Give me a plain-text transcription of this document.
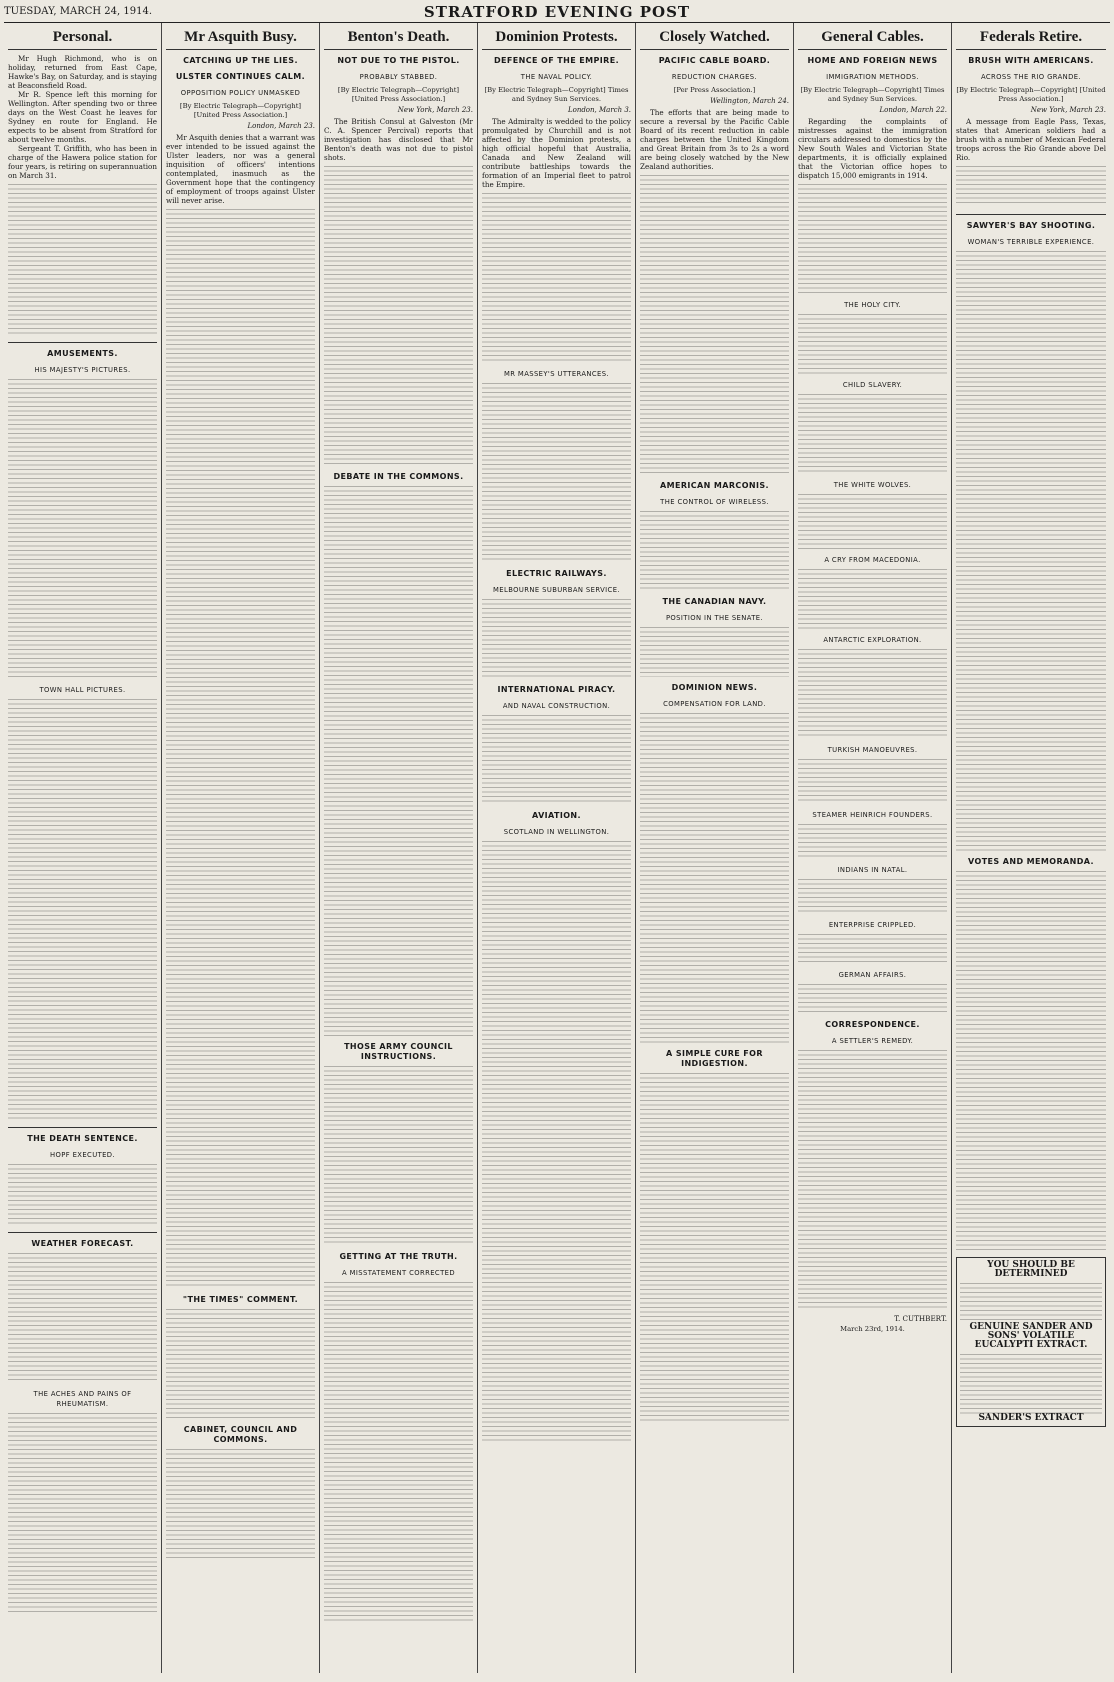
TUESDAY, MARCH 24, 1914.	STRATFORD EVENING POST
Personal.

Mr Hugh Richmond, who is on holiday, returned from East Cape, Hawke's Bay, on Saturday, and is staying at Beaconsfield Road.

Mr R. Spence left this morning for Wellington. After spending two or three days on the West Coast he leaves for Sydney en route for England. He expects to be absent from Stratford for about twelve months.

Sergeant T. Griffith, who has been in charge of the Hawera police station for four years, is retiring on superannuation on March 31.

AMUSEMENTS.
HIS MAJESTY'S PICTURES.
TOWN HALL PICTURES.
THE DEATH SENTENCE.
HOPF EXECUTED.
WEATHER FORECAST.
THE ACHES AND PAINS OF RHEUMATISM.
Mr Asquith Busy.
CATCHING UP THE LIES.
ULSTER CONTINUES CALM.
OPPOSITION POLICY UNMASKED
[By Electric Telegraph—Copyright] [United Press Association.]
London, March 23.

Mr Asquith denies that a warrant was ever intended to be issued against the Ulster leaders, nor was a general inquisition of officers' intentions contemplated, inasmuch as the Government hope that the contingency of employment of troops against Ulster will never arise.

"THE TIMES" COMMENT.
CABINET, COUNCIL AND COMMONS.
Benton's Death.
NOT DUE TO THE PISTOL.
PROBABLY STABBED.
[By Electric Telegraph—Copyright] [United Press Association.]
New York, March 23.

The British Consul at Galveston (Mr C. A. Spencer Percival) reports that investigation has disclosed that Mr Benton's death was not due to pistol shots.

DEBATE IN THE COMMONS.
THOSE ARMY COUNCIL INSTRUCTIONS.
GETTING AT THE TRUTH.
A MISSTATEMENT CORRECTED
Dominion Protests.
DEFENCE OF THE EMPIRE.
THE NAVAL POLICY.
[By Electric Telegraph—Copyright] Times and Sydney Sun Services.
London, March 3.

The Admiralty is wedded to the policy promulgated by Churchill and is not affected by the Dominion protests, a high official hopeful that Australia, Canada and New Zealand will contribute battleships towards the formation of an Imperial fleet to patrol the Empire.

MR MASSEY'S UTTERANCES.
ELECTRIC RAILWAYS.
MELBOURNE SUBURBAN SERVICE.
INTERNATIONAL PIRACY.
AND NAVAL CONSTRUCTION.
AVIATION.
SCOTLAND IN WELLINGTON.
Closely Watched.
PACIFIC CABLE BOARD.
REDUCTION CHARGES.
[Per Press Association.]
Wellington, March 24.

The efforts that are being made to secure a reversal by the Pacific Cable Board of its recent reduction in cable charges between the United Kingdom and Great Britain from 3s to 2s a word are being closely watched by the New Zealand authorities.

AMERICAN MARCONIS.
THE CONTROL OF WIRELESS.
THE CANADIAN NAVY.
POSITION IN THE SENATE.
DOMINION NEWS.
COMPENSATION FOR LAND.
A SIMPLE CURE FOR INDIGESTION.
General Cables.
HOME AND FOREIGN NEWS
IMMIGRATION METHODS.
[By Electric Telegraph—Copyright] Times and Sydney Sun Services.
London, March 22.

Regarding the complaints of mistresses against the immigration circulars addressed to domestics by the New South Wales and Victorian State departments, it is officially explained that the Victorian office hopes to dispatch 15,000 emigrants in 1914.

THE HOLY CITY.
CHILD SLAVERY.
THE WHITE WOLVES.
A CRY FROM MACEDONIA.
ANTARCTIC EXPLORATION.
TURKISH MANOEUVRES.
STEAMER HEINRICH FOUNDERS.
INDIANS IN NATAL.
ENTERPRISE CRIPPLED.
GERMAN AFFAIRS.
CORRESPONDENCE.
A SETTLER'S REMEDY.
T. CUTHBERT.
March 23rd, 1914.
Federals Retire.
BRUSH WITH AMERICANS.
ACROSS THE RIO GRANDE.
[By Electric Telegraph—Copyright] [United Press Association.]
New York, March 23.

A message from Eagle Pass, Texas, states that American soldiers had a brush with a number of Mexican Federal troops across the Rio Grande above Del Rio.

SAWYER'S BAY SHOOTING.
WOMAN'S TERRIBLE EXPERIENCE.
VOTES AND MEMORANDA.
YOU SHOULD BE DETERMINED
GENUINE SANDER AND SONS' VOLATILE EUCALYPTI EXTRACT.
SANDER'S EXTRACT
